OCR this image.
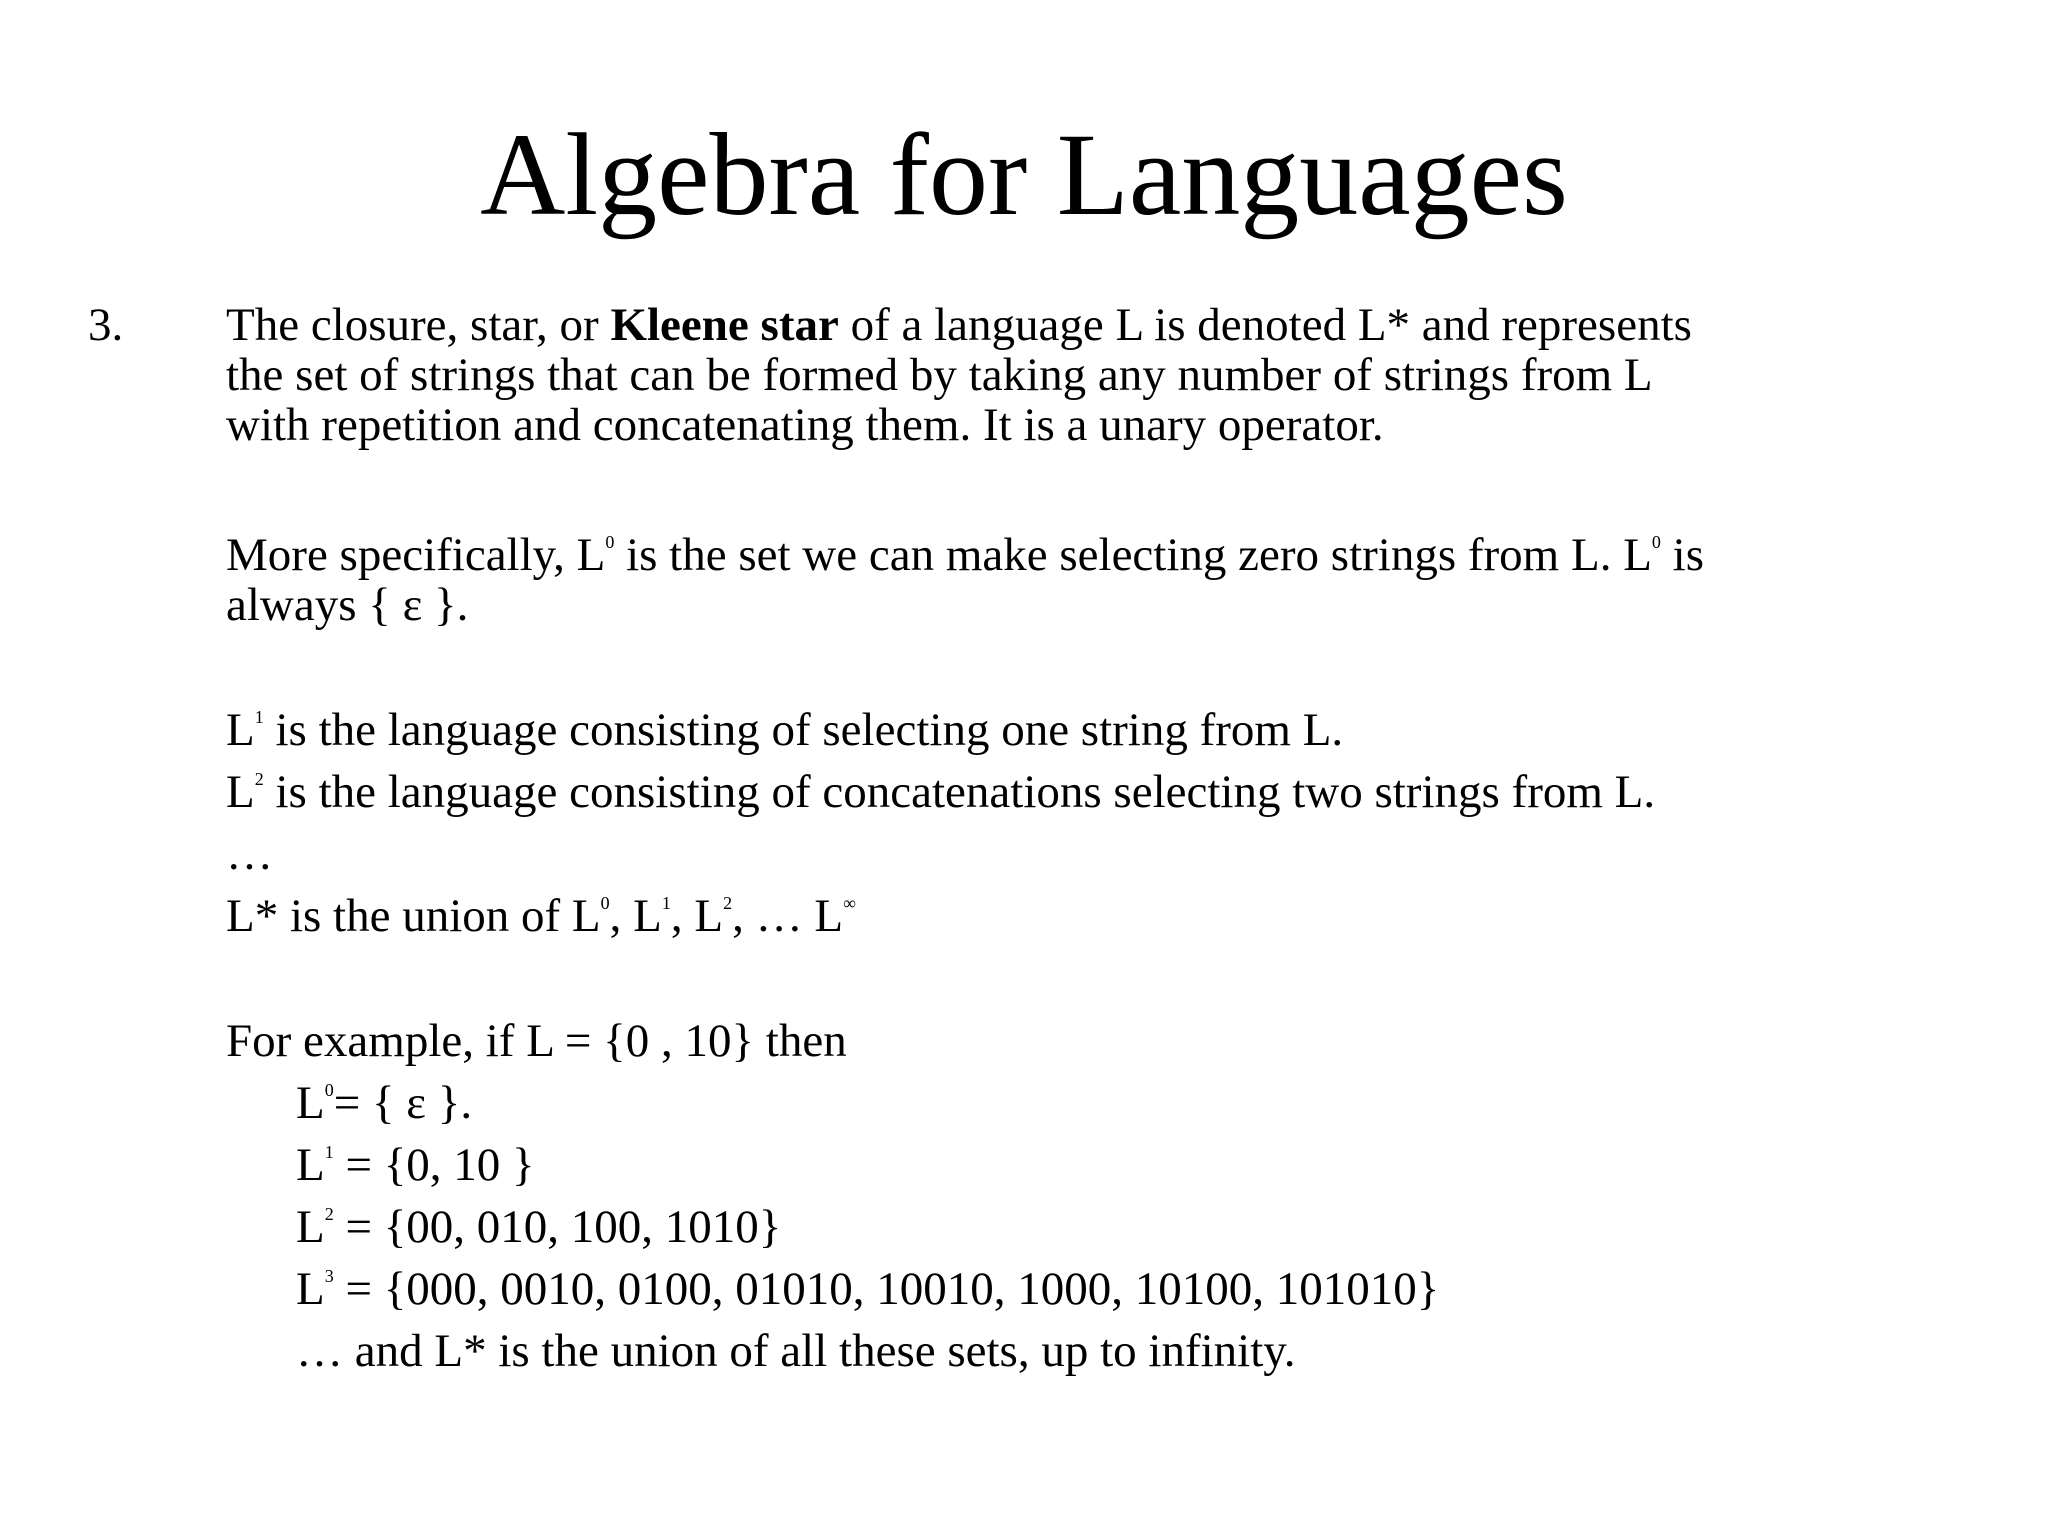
Algebra for Languages
3. The closure, star, or Kleene star of a language L is denoted L* and represents
the set of strings that can be formed by taking any number of strings from L
with repetition and concatenating them. It is a unary operator.
More specifically, $L^0$ is the set we can make selecting zero strings from L. $L^0$ is
always { ε }.
$L^1$ is the language consisting of selecting one string from L.
$L^2$ is the language consisting of concatenations selecting two strings from L.
…
L* is the union of $L^0$, $L^1$, $L^2$, … L∞
For example, if L = {0 , 10} then
$L^0=$ { ε }.
$L^1 = \{0$, 10 }
$L^2 = \{00$, 010, 100, 1010}
$L^3 = \{000$, 0010, 0100, 01010, 10010, 1000, 10100, 101010}
… and L* is the union of all these sets, up to infinity.
